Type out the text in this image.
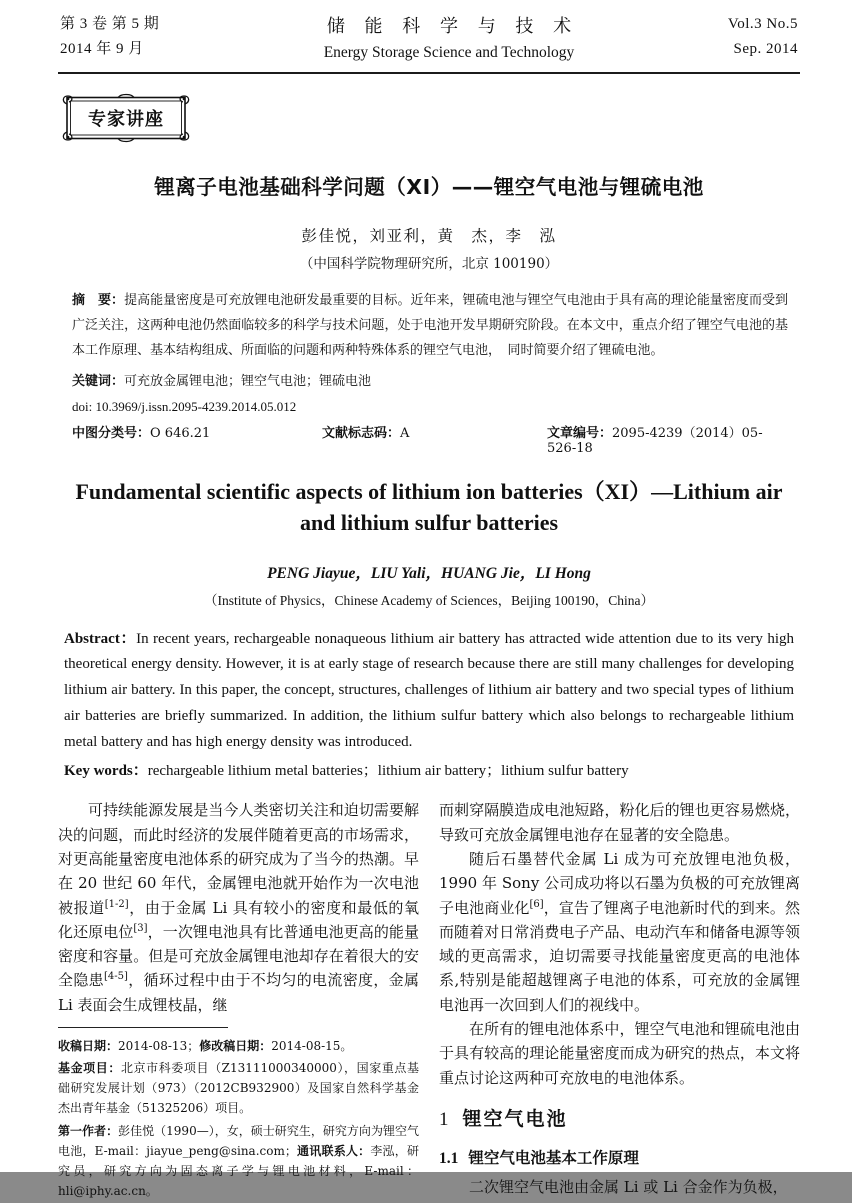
第 3 卷 第 5 期
2014 年 9 月
储 能 科 学 与 技 术
Energy Storage Science and Technology
Vol.3 No.5
Sep. 2014
专家讲座
锂离子电池基础科学问题（XI）——锂空气电池与锂硫电池
彭佳悦，刘亚利，黄　杰，李　泓
（中国科学院物理研究所，北京 100190）
摘　要：提高能量密度是可充放锂电池研发最重要的目标。近年来，锂硫电池与锂空气电池由于具有高的理论能量密度而受到广泛关注，这两种电池仍然面临较多的科学与技术问题，处于电池开发早期研究阶段。在本文中，重点介绍了锂空气电池的基本工作原理、基本结构组成、所面临的问题和两种特殊体系的锂空气电池，　同时简要介绍了锂硫电池。
关键词：可充放金属锂电池；锂空气电池；锂硫电池
doi: 10.3969/j.issn.2095-4239.2014.05.012
中图分类号：O 646.21	文献标志码：A	文章编号：2095-4239（2014）05-526-18
Fundamental scientific aspects of lithium ion batteries（XI）—Lithium air and lithium sulfur batteries
PENG Jiayue，LIU Yali，HUANG Jie，LI Hong
（Institute of Physics，Chinese Academy of Sciences，Beijing 100190，China）
Abstract：In recent years, rechargeable nonaqueous lithium air battery has attracted wide attention due to its very high theoretical energy density. However, it is at early stage of research because there are still many challenges for developing lithium air battery. In this paper, the concept, structures, challenges of lithium air battery and two special types of lithium air batteries are briefly summarized. In addition, the lithium sulfur battery which also belongs to rechargeable lithium metal battery and has high energy density was introduced.
Key words：rechargeable lithium metal batteries；lithium air battery；lithium sulfur battery

可持续能源发展是当今人类密切关注和迫切需要解决的问题，而此时经济的发展伴随着更高的市场需求，对更高能量密度电池体系的研究成为了当今的热潮。早在 20 世纪 60 年代，金属锂电池就开始作为一次电池被报道[1-2]，由于金属 Li 具有较小的密度和最低的氧化还原电位[3]，一次锂电池具有比普通电池更高的能量密度和容量。但是可充放金属锂电池却存在着很大的安全隐患[4-5]，循环过程中由于不均匀的电流密度，金属 Li 表面会生成锂枝晶，继

收稿日期：2014-08-13；修改稿日期：2014-08-15。

基金项目：北京市科委项目（Z13111000340000），国家重点基础研究发展计划（973）（2012CB932900）及国家自然科学基金杰出青年基金（51325206）项目。

第一作者：彭佳悦（1990—），女，硕士研究生，研究方向为锂空气电池，E-mail：jiayue_peng@sina.com；通讯联系人：李泓，研究员，研究方向为固态离子学与锂电池材料，E-mail：hli@iphy.ac.cn。

而刺穿隔膜造成电池短路，粉化后的锂也更容易燃烧，导致可充放金属锂电池存在显著的安全隐患。

随后石墨替代金属 Li 成为可充放锂电池负极，1990 年 Sony 公司成功将以石墨为负极的可充放锂离子电池商业化[6]，宣告了锂离子电池新时代的到来。然而随着对日常消费电子产品、电动汽车和储备电源等领域的更高需求，迫切需要寻找能量密度更高的电池体系,特别是能超越锂离子电池的体系，可充放的金属锂电池再一次回到人们的视线中。

在所有的锂电池体系中，锂空气电池和锂硫电池由于具有较高的理论能量密度而成为研究的热点，本文将重点讨论这两种可充放电的电池体系。

1 锂空气电池
1.1 锂空气电池基本工作原理

二次锂空气电池由金属 Li 或 Li 合金作为负极，
